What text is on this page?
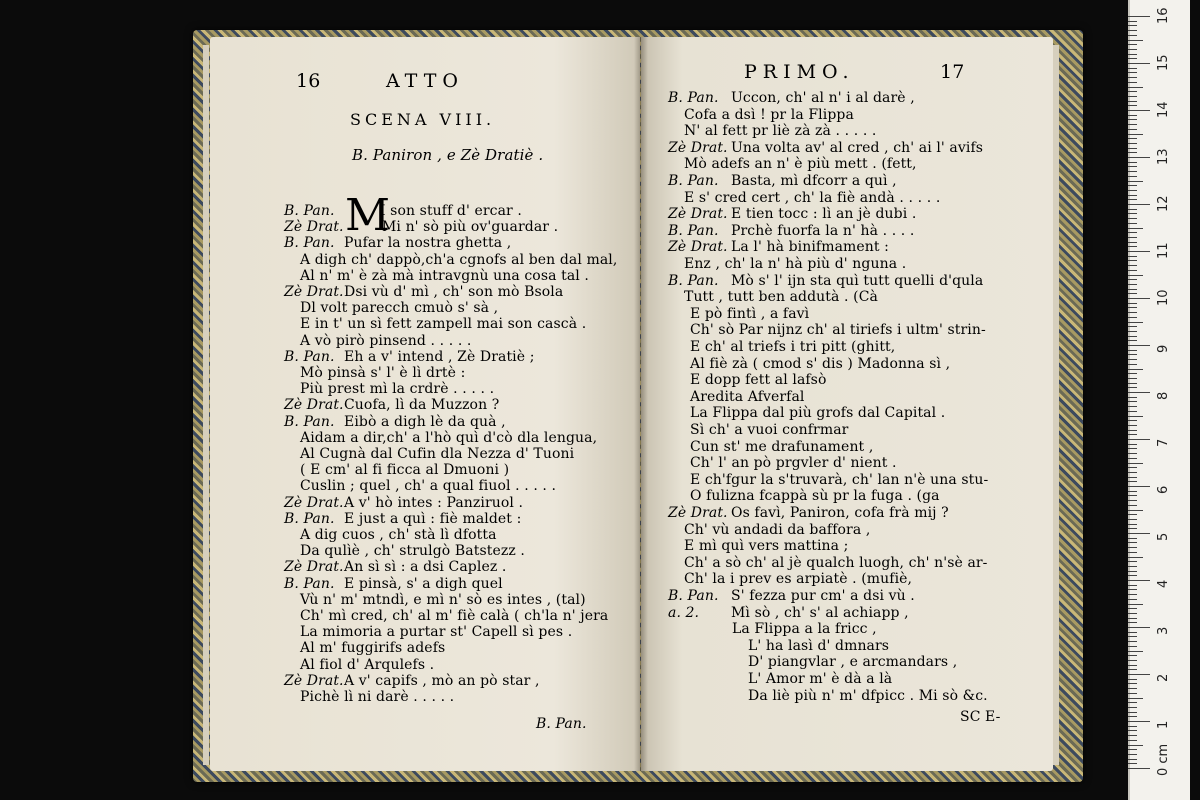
16	ATTO
SCENA VIII.
B. Paniron , e Zè Dratiè .
M
B. Pan.	I son stuff d' ercar .
Zè Drat.	Mi n' sò più ov'guardar .
B. Pan. Pufar la nostra ghetta ,
A digh ch' dappò,ch'a cgnofs al ben dal mal,
Al n' m' è zà mà intravgnù una cosa tal .
Zè Drat. Dsi vù d' mì , ch' son mò Bsola
Dl volt parecch cmuò s' sà ,
E in t' un sì fett zampell mai son cascà .
A vò pirò pinsend . . . . .
B. Pan. Eh a v' intend , Zè Dratiè ;
Mò pinsà s' l' è lì drtè :
Più prest mì la crdrè . . . . .
Zè Drat. Cuofa, lì da Muzzon ?
B. Pan. Eibò a digh lè da quà ,
Aidam a dir,ch' a l'hò quì d'cò dla lengua,
Al Cugnà dal Cufin dla Nezza d' Tuoni
( E cm' al fi ficca al Dmuoni )
Cuslin ; quel , ch' a qual fiuol . . . . .
Zè Drat. A v' hò intes : Panziruol .
B. Pan. E just a quì : fiè maldet :
A dig cuos , ch' stà lì dfotta
Da qulìè , ch' strulgò Batstezz .
Zè Drat. An sì sì : a dsi Caplez .
B. Pan. E pinsà, s' a digh quel
Vù n' m' mtndì, e mì n' sò es intes , (tal)
Ch' mì cred, ch' al m' fiè calà ( ch'la n' jera
La mimoria a purtar st' Capell sì pes .
Al m' fuggirifs adefs
Al fiol d' Arqulefs .
Zè Drat. A v' capifs , mò an pò star ,
Pichè lì ni darè . . . . .
B. Pan.
PRIMO.	17
B. Pan. Uccon, ch' al n' i al darè ,
Cofa a dsì ! pr la Flippa
N' al fett pr liè zà zà . . . . .
Zè Drat. Una volta av' al cred , ch' ai l' avifs
Mò adefs an n' è più mett . (fett,
B. Pan. Basta, mì dfcorr a quì ,
E s' cred cert , ch' la fiè andà . . . . .
Zè Drat. E tien tocc : lì an jè dubi .
B. Pan. Prchè fuorfa la n' hà . . . .
Zè Drat. La l' hà binifmament :
Enz , ch' la n' hà più d' nguna .
B. Pan. Mò s' l' ijn sta quì tutt quelli d'qula
Tutt , tutt ben addutà . (Cà
E pò fintì , a favì
Ch' sò Par nijnz ch' al tiriefs i ultm' strin-
E ch' al triefs i tri pitt (ghitt,
Al fiè zà ( cmod s' dis ) Madonna sì ,
E dopp fett al lafsò
Aredita Afverfal
La Flippa dal più grofs dal Capital .
Sì ch' a vuoi confrmar
Cun st' me drafunament ,
Ch' l' an pò prgvler d' nient .
E ch'fgur la s'truvarà, ch' lan n'è una stu-
O fulizna fcappà sù pr la fuga . (ga
Zè Drat. Os favì, Paniron, cofa frà mij ?
Ch' vù andadi da baffora ,
E mì quì vers mattina ;
Ch' a sò ch' al jè qualch luogh, ch' n'sè ar-
Ch' la i prev es arpiatè . (mufiè,
B. Pan. S' fezza pur cm' a dsi vù .
a. 2. Mì sò , ch' s' al achiapp ,
La Flippa a la fricc ,
L' ha lasì d' dmnars
D' piangvlar , e arcmandars ,
L' Amor m' è dà a là
Da liè più n' m' dfpicc . Mi sò &c.
SC E-
16
15
14
13
12
11
10
9
8
7
6
5
4
3
2
1
0 cm
